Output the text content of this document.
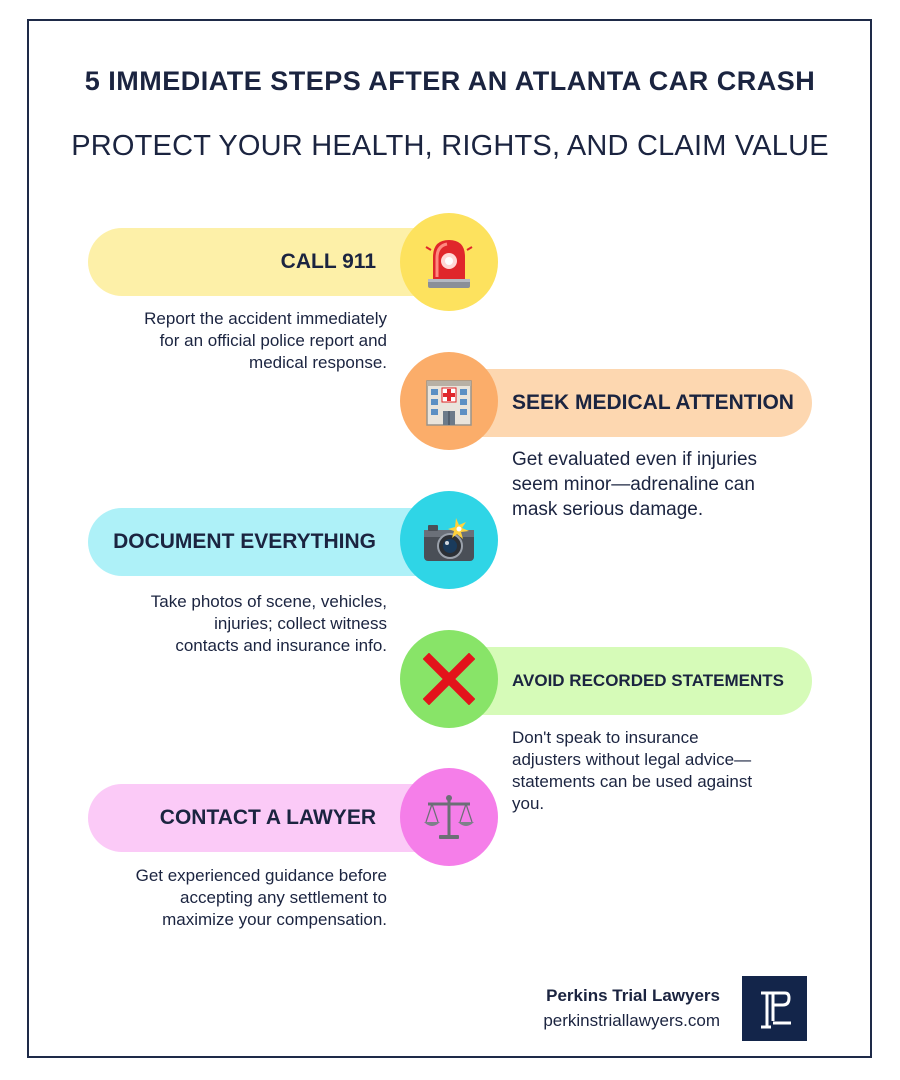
5 IMMEDIATE STEPS AFTER AN ATLANTA CAR CRASH
PROTECT YOUR HEALTH, RIGHTS, AND CLAIM VALUE
CALL 911
Report the accident immediately
for an official police report and
medical response.
SEEK MEDICAL ATTENTION
Get evaluated even if injuries
seem minor—adrenaline can
mask serious damage.
DOCUMENT EVERYTHING
Take photos of scene, vehicles,
injuries; collect witness
contacts and insurance info.
AVOID RECORDED STATEMENTS
Don't speak to insurance
adjusters without legal advice—
statements can be used against
you.
CONTACT A LAWYER
Get experienced guidance before
accepting any settlement to
maximize your compensation.
Perkins Trial Lawyers
perkinstriallawyers.com
